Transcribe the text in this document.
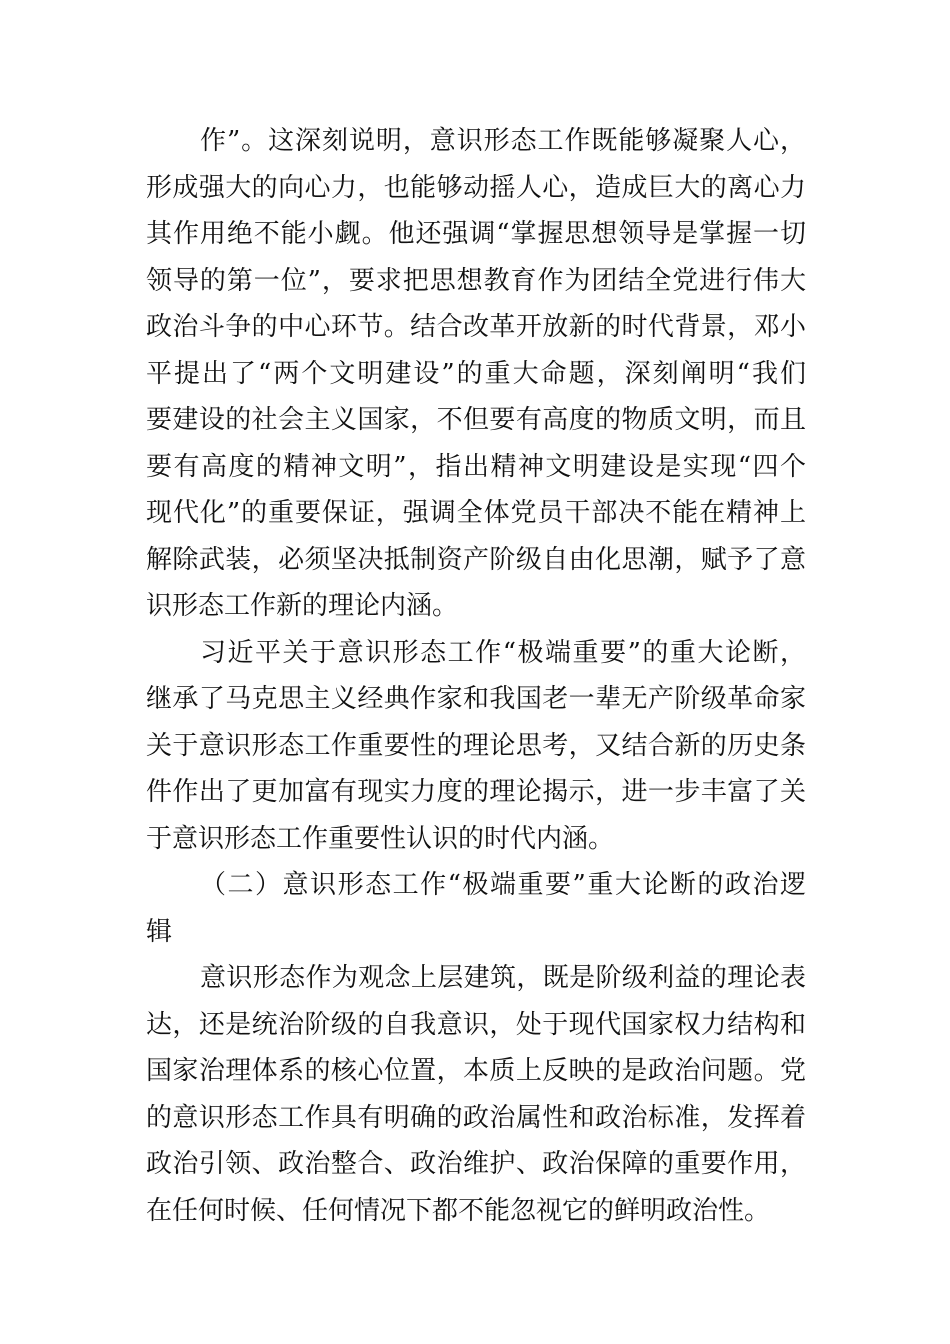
作”。这深刻说明，意识形态工作既能够凝聚人心，
形成强大的向心力，也能够动摇人心，造成巨大的离心力
其作用绝不能小觑。他还强调“掌握思想领导是掌握一切
领导的第一位”，要求把思想教育作为团结全党进行伟大
政治斗争的中心环节。结合改革开放新的时代背景，邓小
平提出了“两个文明建设”的重大命题，深刻阐明“我们
要建设的社会主义国家，不但要有高度的物质文明，而且
要有高度的精神文明”，指出精神文明建设是实现“四个
现代化”的重要保证，强调全体党员干部决不能在精神上
解除武装，必须坚决抵制资产阶级自由化思潮，赋予了意
识形态工作新的理论内涵。
习近平关于意识形态工作“极端重要”的重大论断，
继承了马克思主义经典作家和我国老一辈无产阶级革命家
关于意识形态工作重要性的理论思考，又结合新的历史条
件作出了更加富有现实力度的理论揭示，进一步丰富了关
于意识形态工作重要性认识的时代内涵。
（二）意识形态工作“极端重要”重大论断的政治逻
辑
意识形态作为观念上层建筑，既是阶级利益的理论表
达，还是统治阶级的自我意识，处于现代国家权力结构和
国家治理体系的核心位置，本质上反映的是政治问题。党
的意识形态工作具有明确的政治属性和政治标准，发挥着
政治引领、政治整合、政治维护、政治保障的重要作用，
在任何时候、任何情况下都不能忽视它的鲜明政治性。
